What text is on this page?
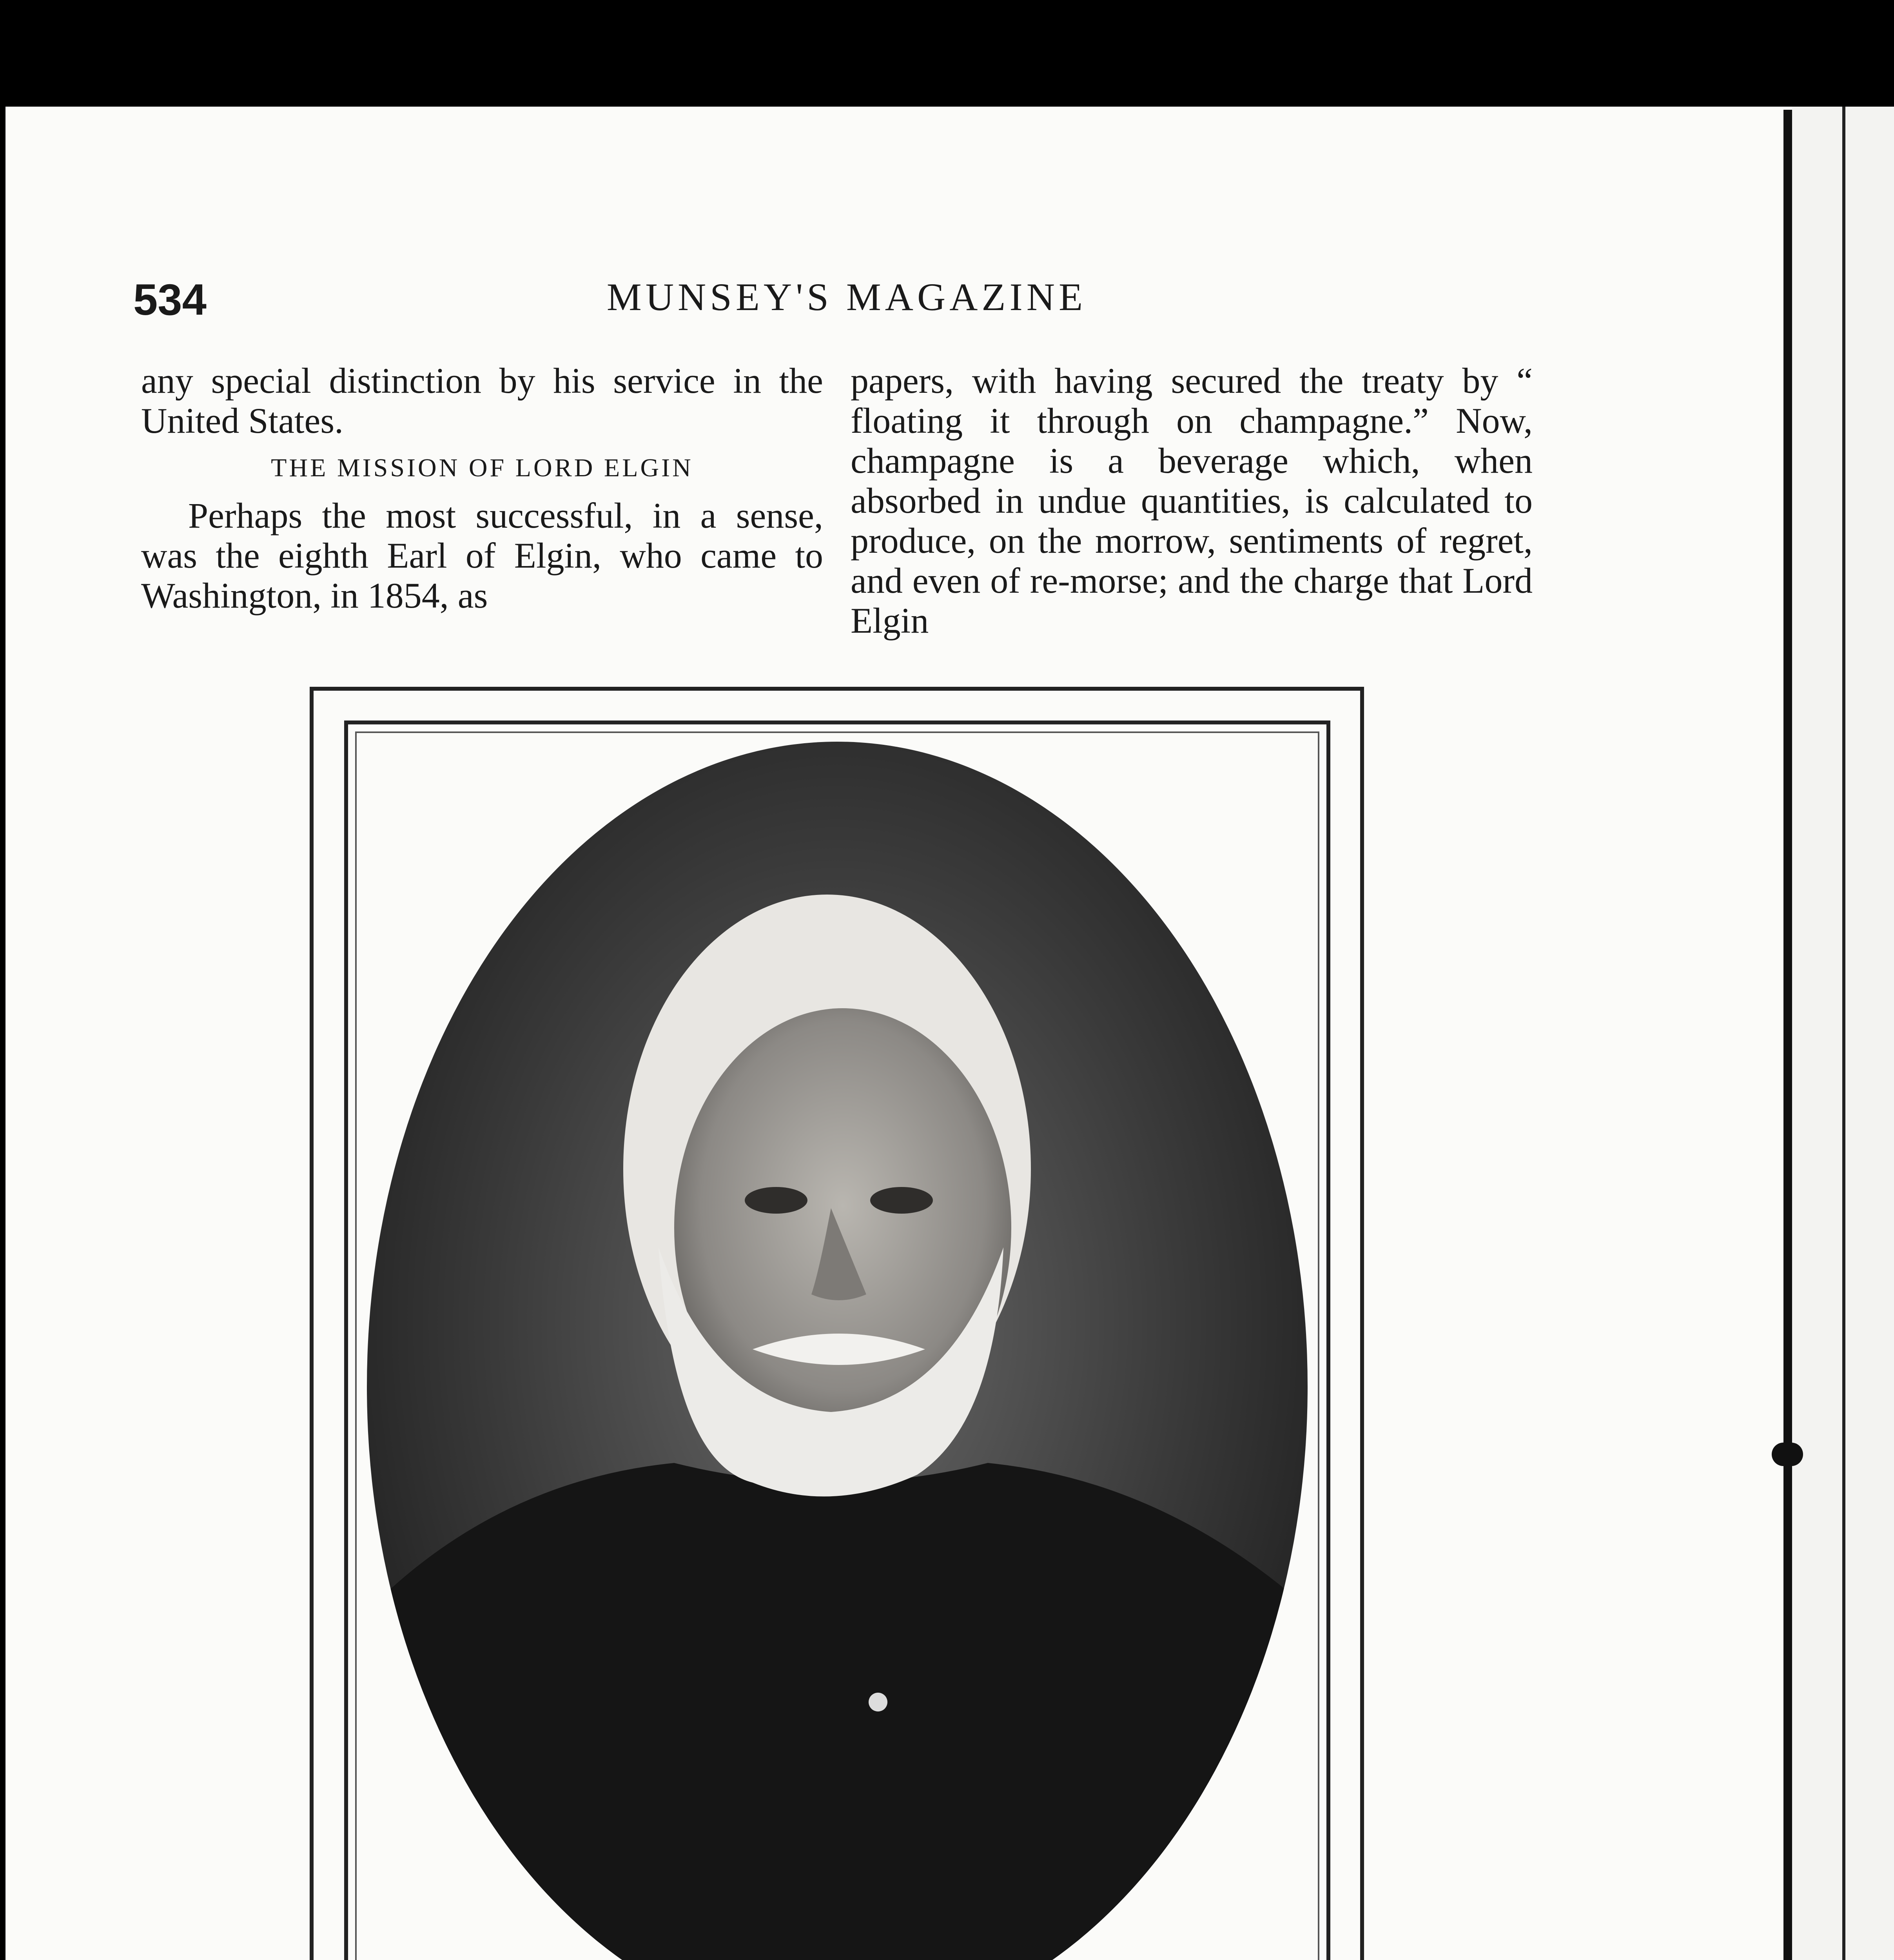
534	MUNSEY'S MAGAZINE

any special distinction by his service in the United States.

THE MISSION OF LORD ELGIN

Perhaps the most successful, in a sense, was the eighth Earl of Elgin, who came to Washington, in 1854, as

papers, with having secured the treaty by “ floating it through on champagne.” Now, champagne is a beverage which, when absorbed in undue quantities, is calculated to produce, on the morrow, sentiments of regret, and even of re-morse; and the charge that Lord Elgin
